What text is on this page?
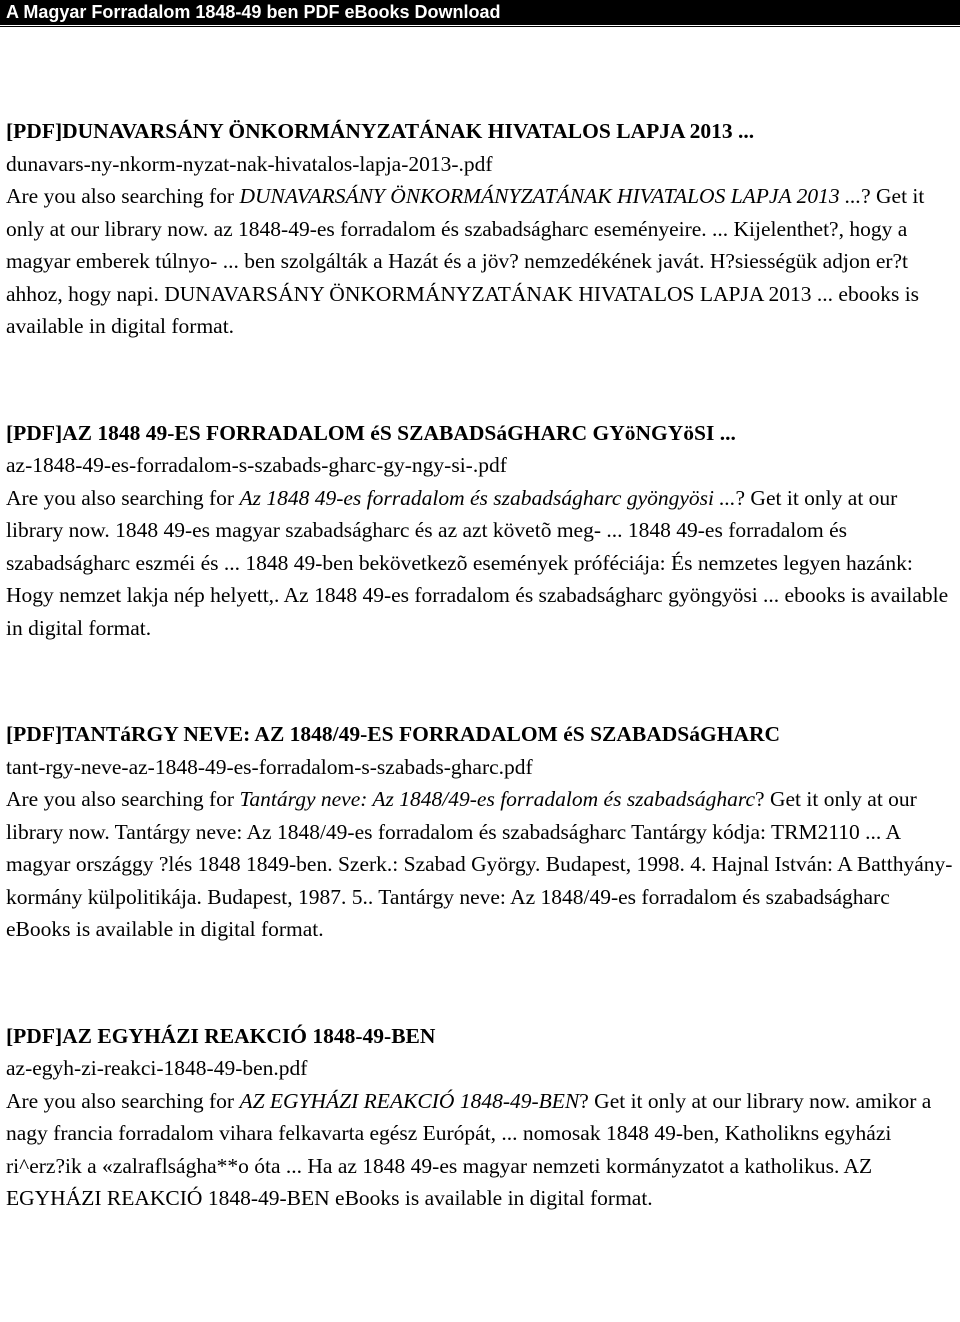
A Magyar Forradalom 1848-49 ben PDF eBooks Download
[PDF]DUNAVARSÁNY ÖNKORMÁNYZATÁNAK HIVATALOS LAPJA 2013 ...
dunavars-ny-nkorm-nyzat-nak-hivatalos-lapja-2013-.pdf
Are you also searching for DUNAVARSÁNY ÖNKORMÁNYZATÁNAK HIVATALOS LAPJA 2013 ...? Get it only at our library now. az 1848-49-es forradalom és szabadságharc eseményeire. ... Kijelenthet?, hogy a magyar emberek túlnyo- ... ben szolgálták a Hazát és a jöv? nemzedékének javát. H?siességük adjon er?t ahhoz, hogy napi. DUNAVARSÁNY ÖNKORMÁNYZATÁNAK HIVATALOS LAPJA 2013 ... ebooks is available in digital format.
[PDF]AZ 1848 49-ES FORRADALOM éS SZABADSáGHARC GYöNGYöSI ...
az-1848-49-es-forradalom-s-szabads-gharc-gy-ngy-si-.pdf
Are you also searching for Az 1848 49-es forradalom és szabadságharc gyöngyösi ...? Get it only at our library now. 1848 49-es magyar szabadságharc és az azt követõ meg- ... 1848 49-es forradalom és szabadságharc eszméi és ... 1848 49-ben bekövetkezõ események próféciája: És nemzetes legyen hazánk: Hogy nemzet lakja nép helyett,. Az 1848 49-es forradalom és szabadságharc gyöngyösi ... ebooks is available in digital format.
[PDF]TANTáRGY NEVE: AZ 1848/49-ES FORRADALOM éS SZABADSáGHARC
tant-rgy-neve-az-1848-49-es-forradalom-s-szabads-gharc.pdf
Are you also searching for Tantárgy neve: Az 1848/49-es forradalom és szabadságharc? Get it only at our library now. Tantárgy neve: Az 1848/49-es forradalom és szabadságharc Tantárgy kódja: TRM2110 ... A magyar országgy ?lés 1848 1849-ben. Szerk.: Szabad György. Budapest, 1998. 4. Hajnal István: A Batthyány-kormány külpolitikája. Budapest, 1987. 5.. Tantárgy neve: Az 1848/49-es forradalom és szabadságharc eBooks is available in digital format.
[PDF]AZ EGYHÁZI REAKCIÓ 1848-49-BEN
az-egyh-zi-reakci-1848-49-ben.pdf
Are you also searching for AZ EGYHÁZI REAKCIÓ 1848-49-BEN? Get it only at our library now. amikor a nagy francia forradalom vihara felkavarta egész Európát, ... nomosak 1848 49-ben, Katholikns egyházi ri^erz?ik a «zalraflságha**o óta ... Ha az 1848 49-es magyar nemzeti kormányzatot a katholikus. AZ EGYHÁZI REAKCIÓ 1848-49-BEN eBooks is available in digital format.
